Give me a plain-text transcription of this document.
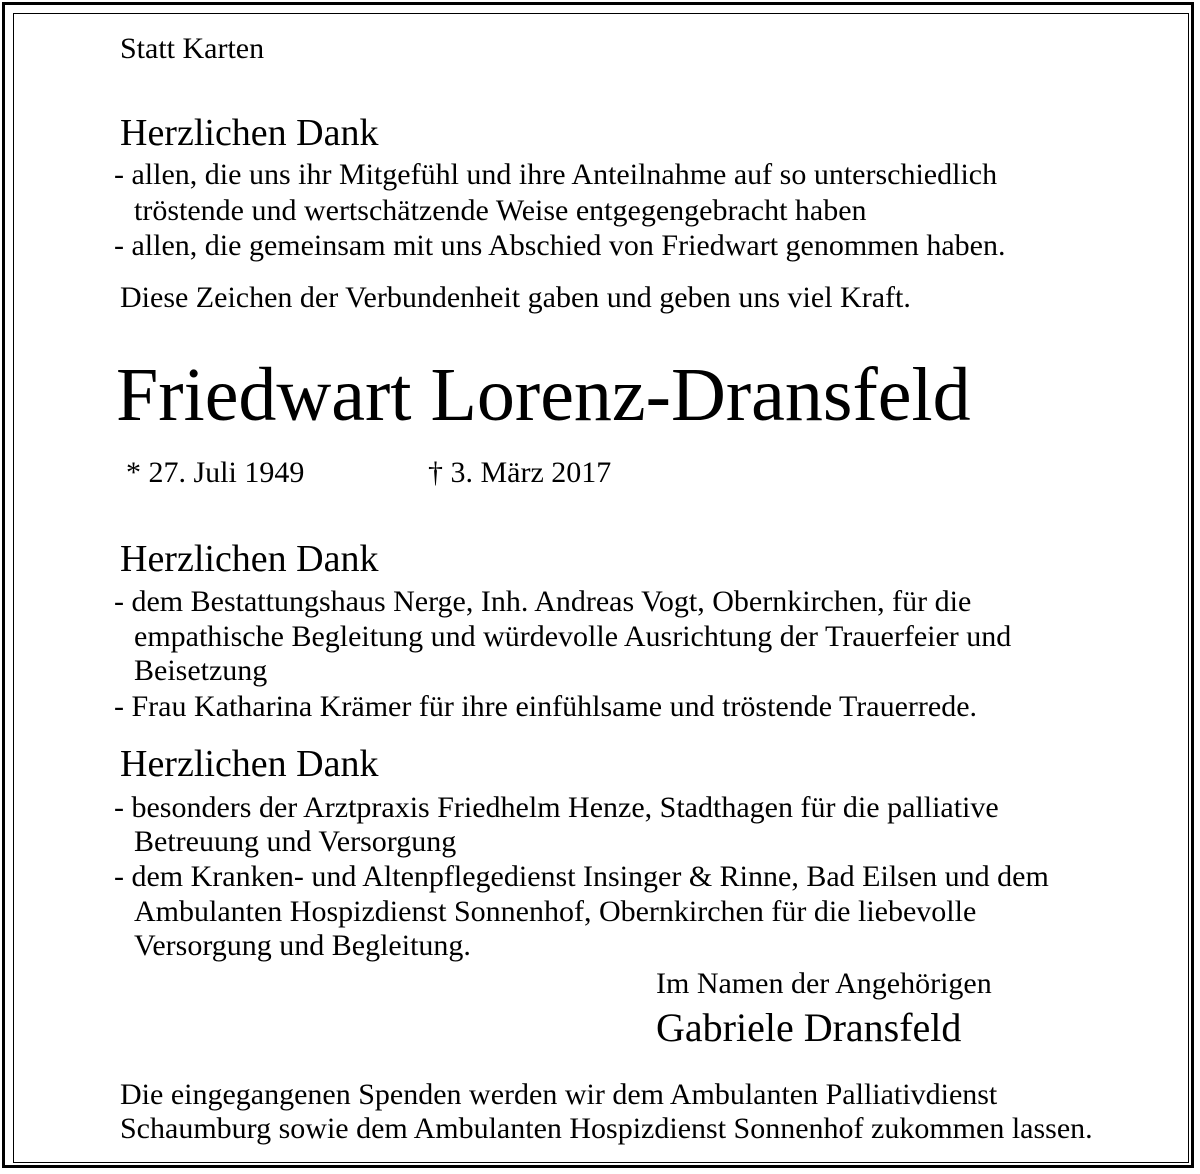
Statt Karten
Herzlichen Dank
- allen, die uns ihr Mitgefühl und ihre Anteilnahme auf so unterschiedlich
tröstende und wertschätzende Weise entgegengebracht haben
- allen, die gemeinsam mit uns Abschied von Friedwart genommen haben.
Diese Zeichen der Verbundenheit gaben und geben uns viel Kraft.
Friedwart Lorenz-Dransfeld
* 27. Juli 1949	† 3. März 2017
Herzlichen Dank
- dem Bestattungshaus Nerge, Inh. Andreas Vogt, Obernkirchen, für die
empathische Begleitung und würdevolle Ausrichtung der Trauerfeier und
Beisetzung
- Frau Katharina Krämer für ihre einfühlsame und tröstende Trauerrede.
Herzlichen Dank
- besonders der Arztpraxis Friedhelm Henze, Stadthagen für die palliative
Betreuung und Versorgung
- dem Kranken- und Altenpflegedienst Insinger & Rinne, Bad Eilsen und dem
Ambulanten Hospizdienst Sonnenhof, Obernkirchen für die liebevolle
Versorgung und Begleitung.
Im Namen der Angehörigen
Gabriele Dransfeld
Die eingegangenen Spenden werden wir dem Ambulanten Palliativdienst
Schaumburg sowie dem Ambulanten Hospizdienst Sonnenhof zukommen lassen.
